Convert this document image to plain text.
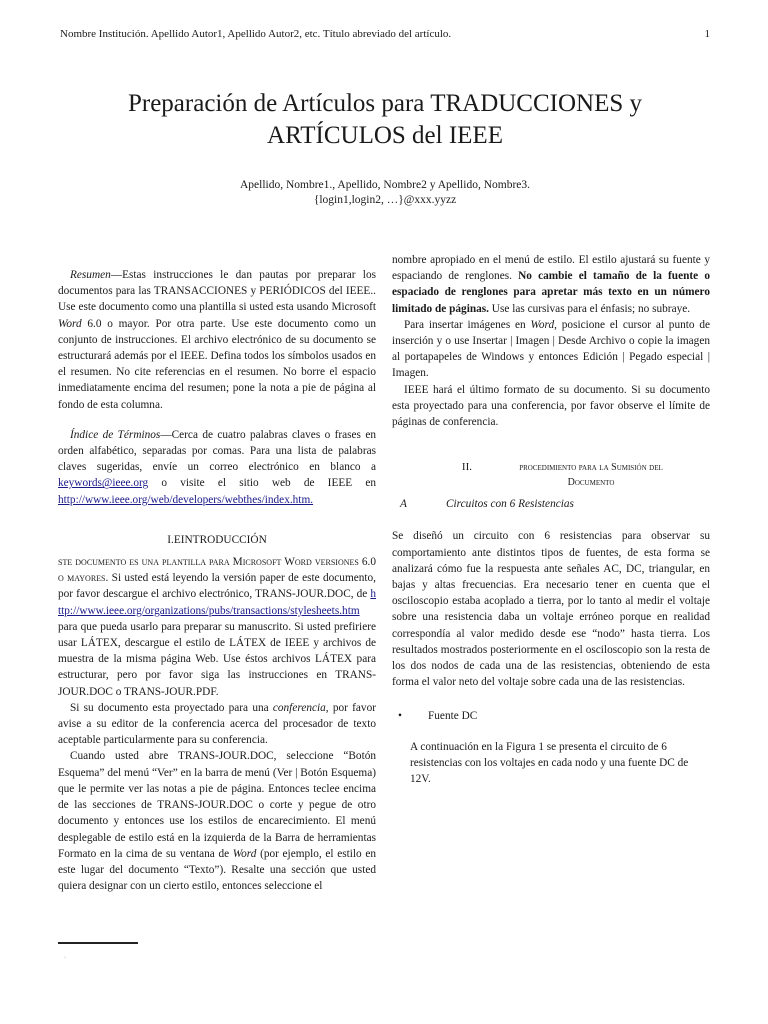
Nombre Institución. Apellido Autor1, Apellido Autor2, etc. Título abreviado del artículo.	1
Preparación de Artículos para TRADUCCIONES y
ARTÍCULOS del IEEE
Apellido, Nombre1., Apellido, Nombre2 y Apellido, Nombre3.
{login1,login2, …}@xxx.yyzz

Resumen—Estas instrucciones le dan pautas por preparar los documentos para las TRANSACCIONES y PERIÓDICOS del IEEE.. Use este documento como una plantilla si usted esta usando Microsoft Word 6.0 o mayor. Por otra parte. Use este documento como un conjunto de instrucciones. El archivo electrónico de su documento se estructurará además por el IEEE. Defina todos los símbolos usados en el resumen. No cite referencias en el resumen. No borre el espacio inmediatamente encima del resumen; pone la nota a pie de página al fondo de esta columna.

Índice de Términos—Cerca de cuatro palabras claves o frases en orden alfabético, separadas por comas. Para una lista de palabras claves sugeridas, envíe un correo electrónico en blanco a keywords@ieee.org o visite el sitio web de IEEE en http://www.ieee.org/web/developers/webthes/index.htm.

I.EINTRODUCCIÓN

ste documento es una plantilla para Microsoft Word versiones 6.0 o mayores. Si usted está leyendo la versión paper de este documento, por favor descargue el archivo electrónico, TRANS-JOUR.DOC, de http://www.ieee.org/organizations/pubs/transactions/stylesheets.htm para que pueda usarlo para preparar su manuscrito. Si usted prefiriere usar LÁTEX, descargue el estilo de LÁTEX de IEEE y archivos de muestra de la misma página Web. Use éstos archivos LÁTEX para estructurar, pero por favor siga las instrucciones en TRANS-JOUR.DOC o TRANS-JOUR.PDF.

Si su documento esta proyectado para una conferencia, por favor avise a su editor de la conferencia acerca del procesador de texto aceptable particularmente para su conferencia.

Cuando usted abre TRANS-JOUR.DOC, seleccione “Botón Esquema” del menú “Ver” en la barra de menú (Ver | Botón Esquema) que le permite ver las notas a pie de página. Entonces teclee encima de las secciones de TRANS-JOUR.DOC o corte y pegue de otro documento y entonces use los estilos de encarecimiento. El menú desplegable de estilo está en la izquierda de la Barra de herramientas Formato en la cima de su ventana de Word (por ejemplo, el estilo en este lugar del documento “Texto”). Resalte una sección que usted quiera designar con un cierto estilo, entonces seleccione el

·

nombre apropiado en el menú de estilo. El estilo ajustará su fuente y espaciando de renglones. No cambie el tamaño de la fuente o espaciado de renglones para apretar más texto en un número limitado de páginas. Use las cursivas para el énfasis; no subraye.

Para insertar imágenes en Word, posicione el cursor al punto de inserción y o use Insertar | Imagen | Desde Archivo o copie la imagen al portapapeles de Windows y entonces Edición | Pegado especial | Imagen.

IEEE hará el último formato de su documento. Si su documento esta proyectado para una conferencia, por favor observe el límite de páginas de conferencia.

II.	procedimiento para la Sumisión del
Documento
A	Circuitos con 6 Resistencias

Se diseñó un circuito con 6 resistencias para observar su comportamiento ante distintos tipos de fuentes, de esta forma se analizará cómo fue la respuesta ante señales AC, DC, triangular, en bajas y altas frecuencias. Era necesario tener en cuenta que el osciloscopio estaba acoplado a tierra, por lo tanto al medir el voltaje sobre una resistencia daba un voltaje erróneo porque en realidad correspondía al valor medido desde ese “nodo” hasta tierra. Los resultados mostrados posteriormente en el osciloscopio son la resta de los dos nodos de cada una de las resistencias, obteniendo de esta forma el valor neto del voltaje sobre cada una de las resistencias.

•	Fuente DC

A continuación en la Figura 1 se presenta el circuito de 6 resistencias con los voltajes en cada nodo y una fuente DC de 12V.
